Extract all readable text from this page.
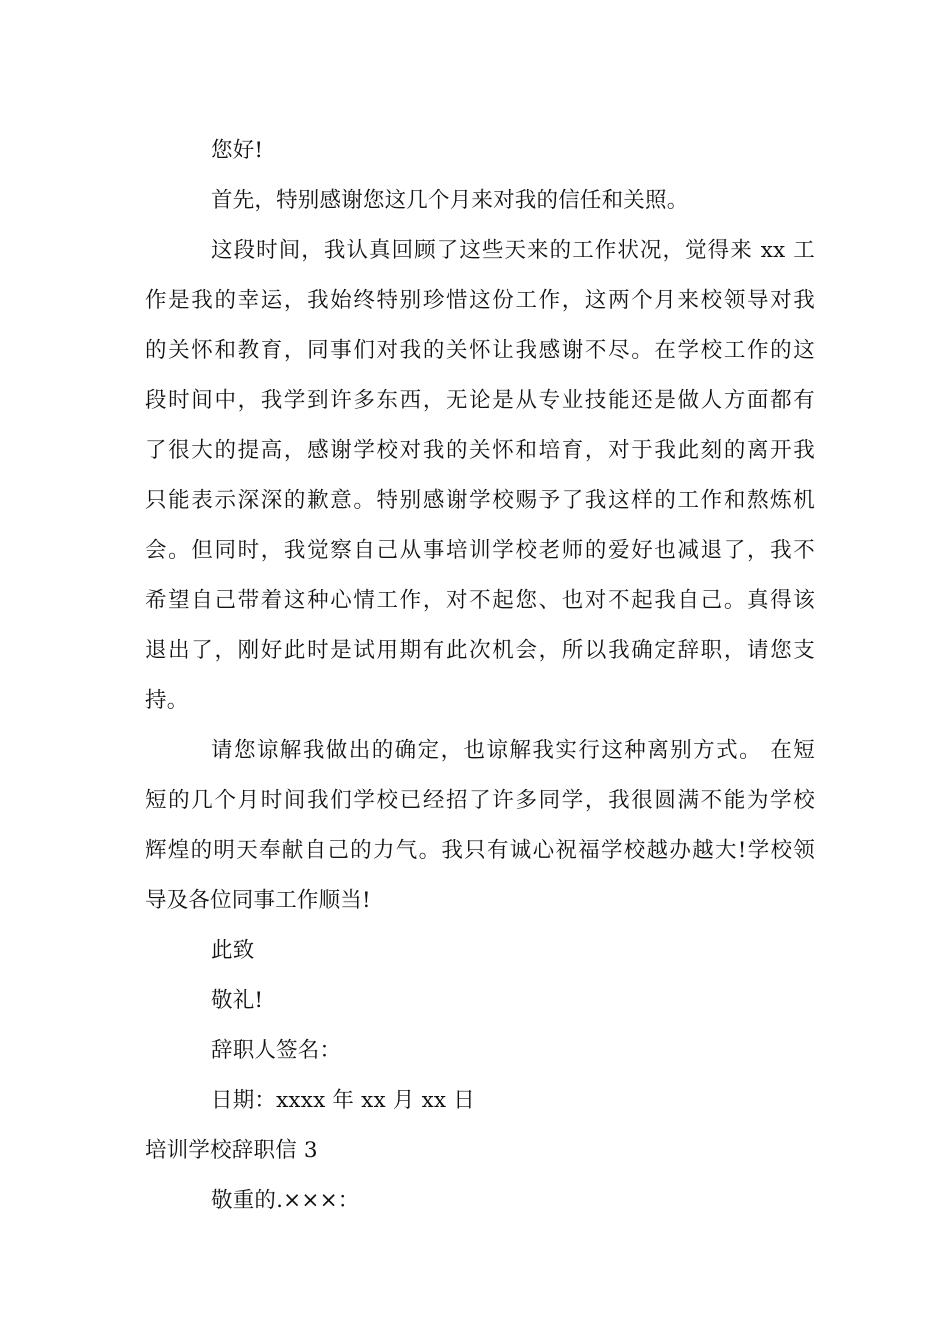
您好!
首先，特别感谢您这几个月来对我的信任和关照。
这段时间，我认真回顾了这些天来的工作状况，觉得来 xx 工
作是我的幸运，我始终特别珍惜这份工作，这两个月来校领导对我
的关怀和教育，同事们对我的关怀让我感谢不尽。在学校工作的这
段时间中，我学到许多东西，无论是从专业技能还是做人方面都有
了很大的提高，感谢学校对我的关怀和培育，对于我此刻的离开我
只能表示深深的歉意。特别感谢学校赐予了我这样的工作和熬炼机
会。但同时，我觉察自己从事培训学校老师的爱好也减退了，我不
希望自己带着这种心情工作，对不起您、也对不起我自己。真得该
退出了，刚好此时是试用期有此次机会，所以我确定辞职，请您支
持。
请您谅解我做出的确定，也谅解我实行这种离别方式。 在短
短的几个月时间我们学校已经招了许多同学，我很圆满不能为学校
辉煌的明天奉献自己的力气。我只有诚心祝福学校越办越大!学校领
导及各位同事工作顺当!
此致
敬礼!
辞职人签名：
日期：xxxx 年 xx 月 xx 日
培训学校辞职信 3
敬重的.×××：
